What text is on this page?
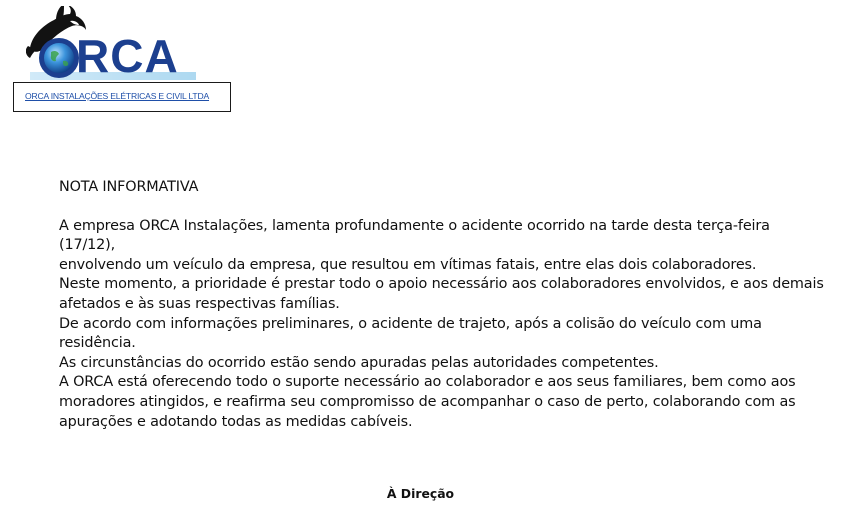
RCA
ORCA INSTALAÇÕES ELÉTRICAS E CIVIL LTDA

NOTA INFORMATIVA

A empresa ORCA Instalações, lamenta profundamente o acidente ocorrido na tarde desta terça-feira (17/12),
envolvendo um veículo da empresa, que resultou em vítimas fatais, entre elas dois colaboradores.

Neste momento, a prioridade é prestar todo o apoio necessário aos colaboradores envolvidos, e aos demais
afetados e às suas respectivas famílias.

De acordo com informações preliminares, o acidente de trajeto, após a colisão do veículo com uma residência.
As circunstâncias do ocorrido estão sendo apuradas pelas autoridades competentes.

A ORCA está oferecendo todo o suporte necessário ao colaborador e aos seus familiares, bem como aos
moradores atingidos, e reafirma seu compromisso de acompanhar o caso de perto, colaborando com as
apurações e adotando todas as medidas cabíveis.

À Direção
